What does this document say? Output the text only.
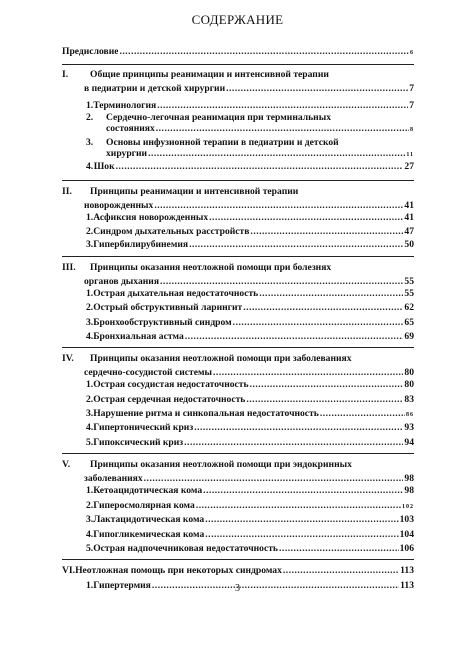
СОДЕРЖАНИЕ
Предисловие .....	6
I.	Общие принципы реанимации и интенсивной терапии
в педиатрии и детской хирургии .....	7
1. Терминология .....	7
2.	Сердечно-легочная реанимация при терминальных
состояниях .....	8
3.	Основы инфузионной терапии в педиатрии и детской
хирургии .....	11
4. Шок .....	27
II.	Принципы реанимации и интенсивной терапии
новорожденных .....	41
1. Асфиксия новорожденных .....	41
2. Синдром дыхательных расстройств .....	47
3. Гипербилирубинемия .....	50
III.	Принципы оказания неотложной помощи при болезнях
органов дыхания .....	55
1. Острая дыхательная недостаточность .....	55
2. Острый обструктивный ларингит .....	62
3. Бронхообструктивный синдром .....	65
4. Бронхиальная астма .....	69
IV.	Принципы оказания неотложной помощи при заболеваниях
сердечно-сосудистой системы .....	80
1. Острая сосудистая недостаточность .....	80
2. Острая сердечная недостаточность .....	83
3. Нарушение ритма и синкопальная недостаточность .....	86
4. Гипертонический криз .....	93
5. Гипоксический криз .....	94
V.	Принципы оказания неотложной помощи при эндокринных
заболеваниях .....	98
1. Кетоацидотическая кома .....	98
2. Гиперосмолярная кома .....	102
3. Лактацидотическая кома .....	103
4. Гипогликемическая кома .....	104
5. Острая надпочечниковая недостаточность .....	106
VI. Неотложная помощь при некоторых синдромах .....	113
1. Гипертермия .....	113
3
